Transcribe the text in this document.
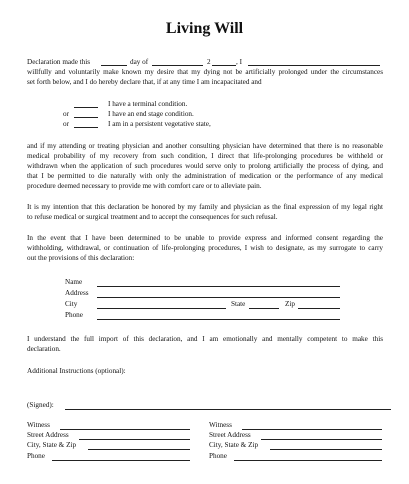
Living Will
Declaration made this	day of	2	, I
willfully and voluntarily make known my desire that my dying not be artificially prolonged under the circumstances
set forth below, and I do hereby declare that, if at any time I am incapacitated and
I have a terminal condition.
or	I have an end stage condition.
or	I am in a persistent vegetative state,
and if my attending or treating physician and another consulting physician have determined that there is no reasonable
medical probability of my recovery from such condition, I direct that life-prolonging procedures be withheld or
withdrawn when the application of such procedures would serve only to prolong artificially the process of dying, and
that I be permitted to die naturally with only the administration of medication or the performance of any medical
procedure deemed necessary to provide me with comfort care or to alleviate pain.
It is my intention that this declaration be honored by my family and physician as the final expression of my legal right
to refuse medical or surgical treatment and to accept the consequences for such refusal.
In the event that I have been determined to be unable to provide express and informed consent regarding the
withholding, withdrawal, or continuation of life-prolonging procedures, I wish to designate, as my surrogate to carry
out the provisions of this declaration:
Name
Address
City	State	Zip
Phone
I understand the full import of this declaration, and I am emotionally and mentally competent to make this
declaration.
Additional Instructions (optional):
(Signed):
Witness
Street Address
City, State & Zip
Phone
Witness
Street Address
City, State & Zip
Phone
